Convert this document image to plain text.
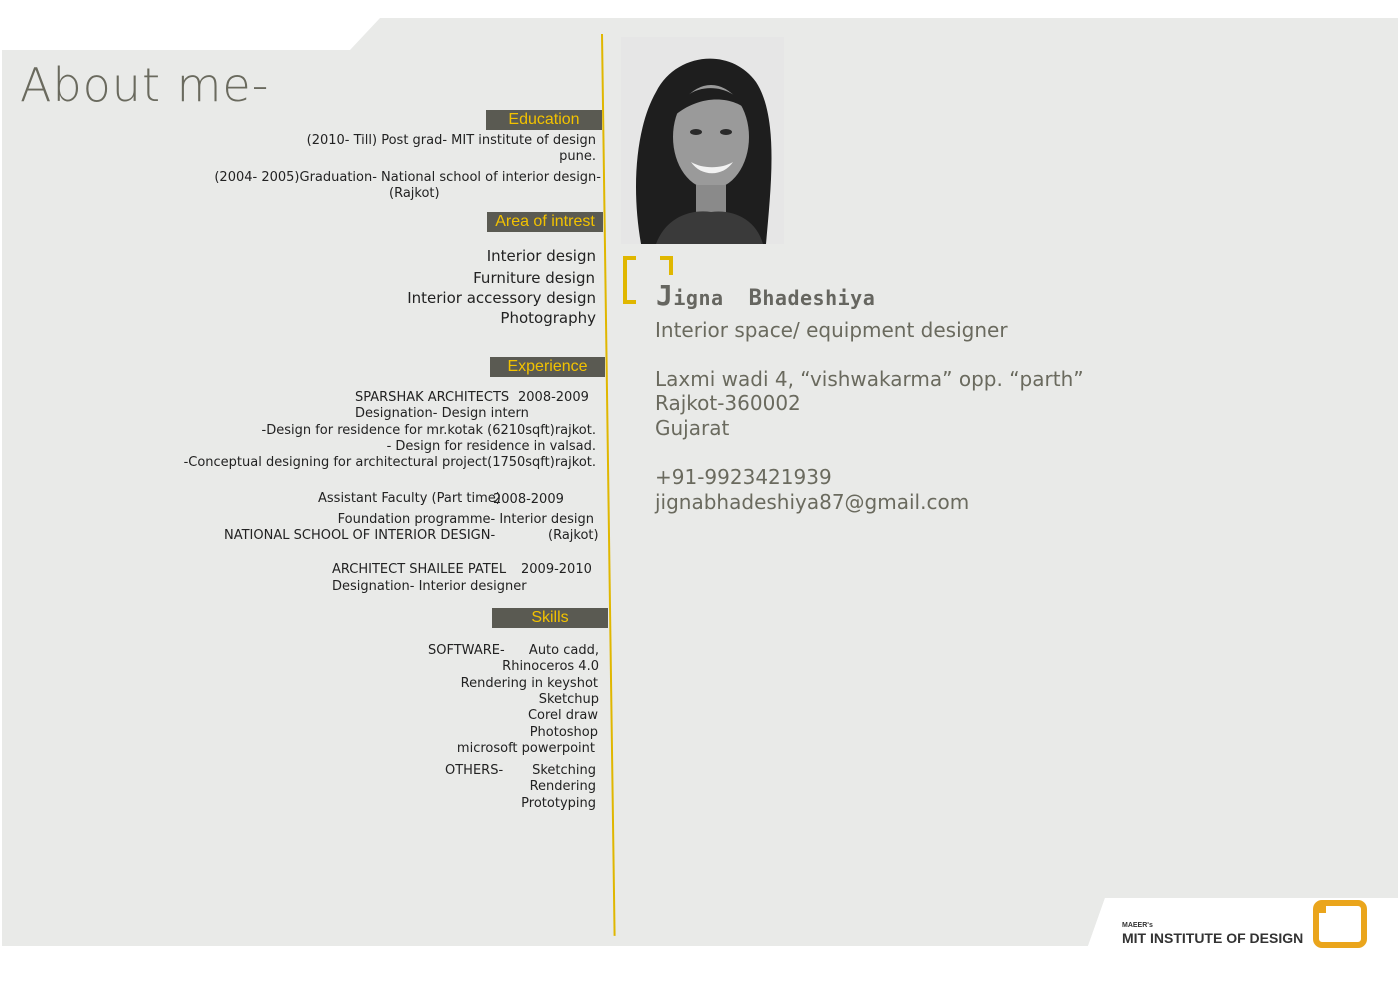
About me-
Education
(2010- Till) Post grad- MIT institute of design
pune.
(2004- 2005)Graduation- National school of interior design-
(Rajkot)
Area of intrest
Interior design
Furniture design
Interior accessory design
Photography
Experience
SPARSHAK ARCHITECTS 2008-2009
Designation- Design intern
-Design for residence for mr.kotak (6210sqft)rajkot.
- Design for residence in valsad.
-Conceptual designing for architectural project(1750sqft)rajkot.
Assistant Faculty (Part time)
2008-2009
Foundation programme- Interior design
NATIONAL SCHOOL OF INTERIOR DESIGN-	(Rajkot)
ARCHITECT SHAILEE PATEL 2009-2010
Designation- Interior designer
Skills
SOFTWARE- Auto cadd,
Rhinoceros 4.0
Rendering in keyshot
Sketchup
Corel draw
Photoshop
microsoft powerpoint
OTHERS- Sketching
Rendering
Prototyping
Jigna Bhadeshiya
Interior space/ equipment designer
Laxmi wadi 4, “vishwakarma” opp. “parth”
Rajkot-360002
Gujarat
+91-9923421939
jignabhadeshiya87@gmail.com
MAEER's
MIT INSTITUTE OF DESIGN
